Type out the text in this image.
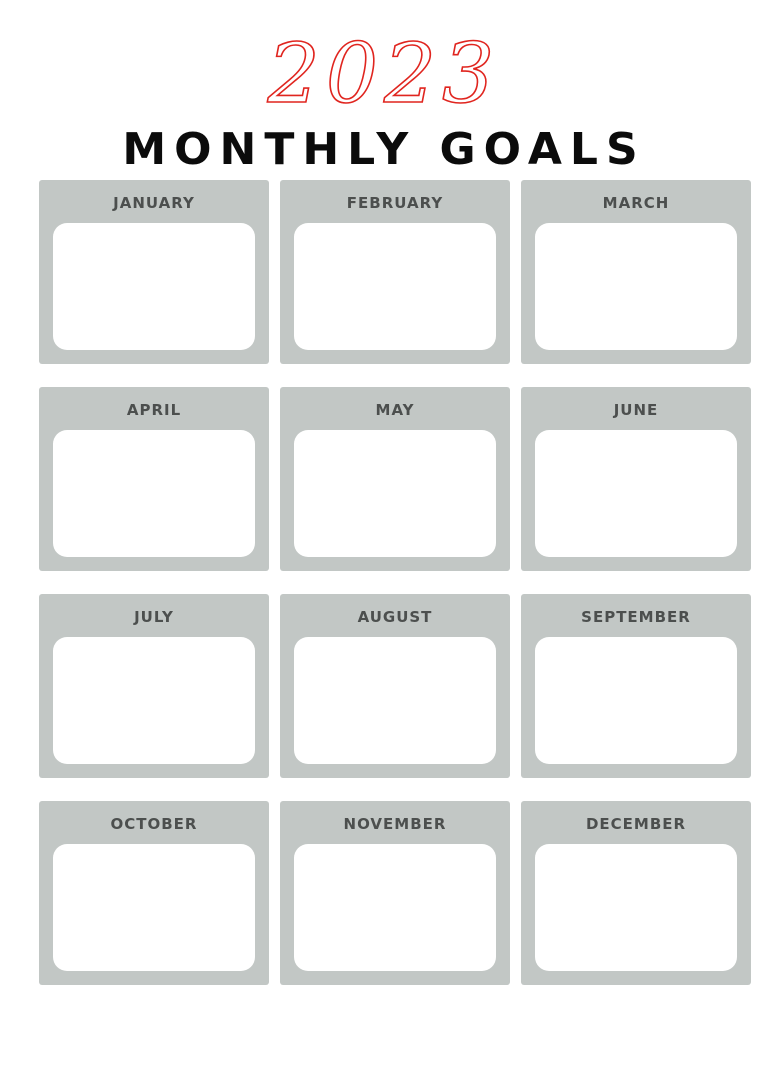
2023
MONTHLY GOALS
JANUARY	FEBRUARY	MARCH
APRIL	MAY	JUNE
JULY	AUGUST	SEPTEMBER
OCTOBER	NOVEMBER	DECEMBER
